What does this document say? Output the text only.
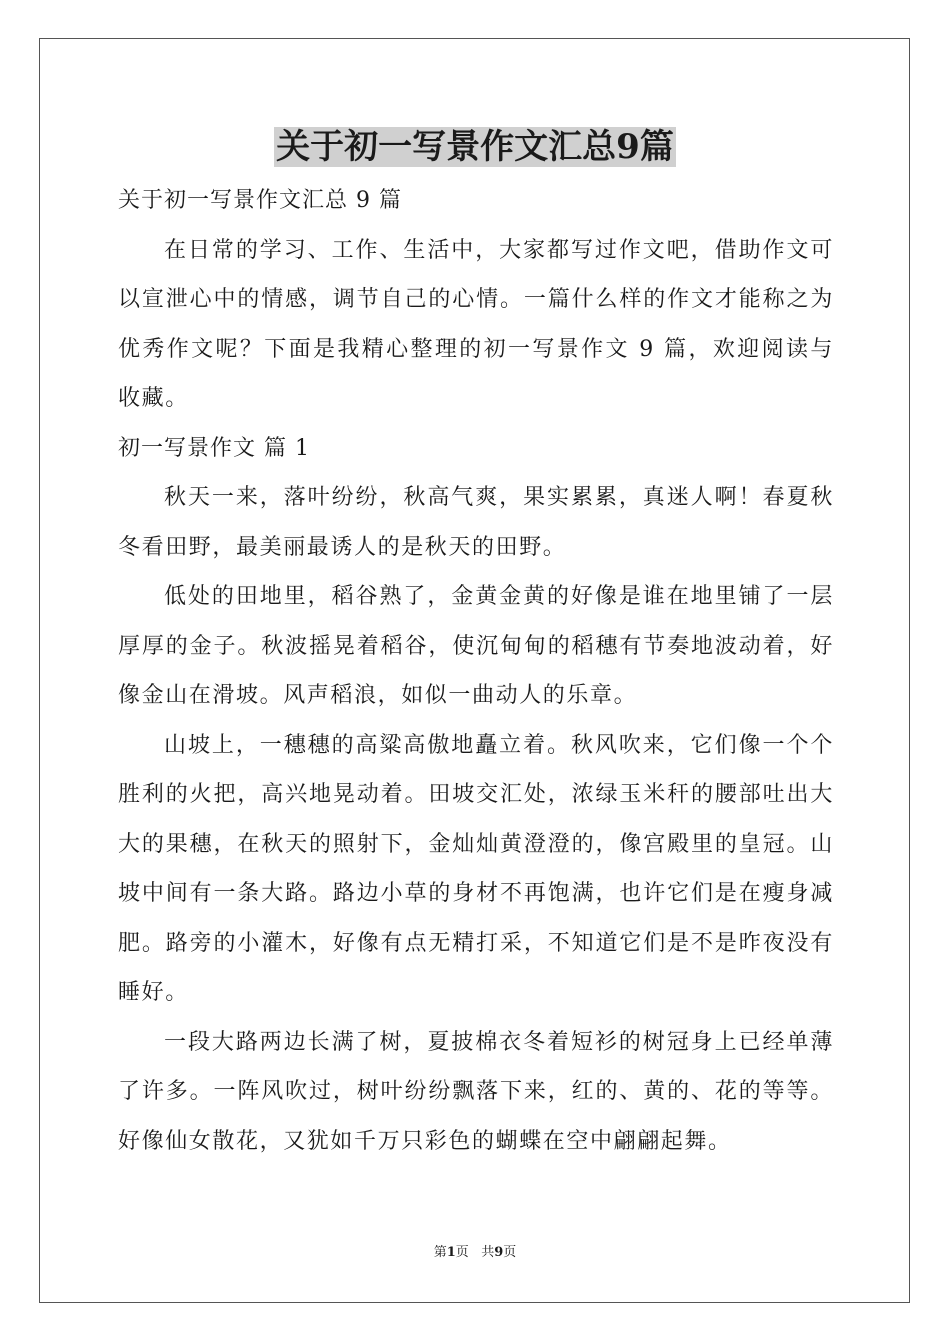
关于初一写景作文汇总9篇

关于初一写景作文汇总 9 篇

在日常的学习、工作、生活中，大家都写过作文吧，借助作文可以宣泄心中的情感，调节自己的心情。一篇什么样的作文才能称之为优秀作文呢？下面是我精心整理的初一写景作文 9 篇，欢迎阅读与收藏。

初一写景作文 篇 1

秋天一来，落叶纷纷，秋高气爽，果实累累，真迷人啊！春夏秋冬看田野，最美丽最诱人的是秋天的田野。

低处的田地里，稻谷熟了，金黄金黄的好像是谁在地里铺了一层厚厚的金子。秋波摇晃着稻谷，使沉甸甸的稻穗有节奏地波动着，好像金山在滑坡。风声稻浪，如似一曲动人的乐章。

山坡上，一穗穗的高粱高傲地矗立着。秋风吹来，它们像一个个胜利的火把，高兴地晃动着。田坡交汇处，浓绿玉米秆的腰部吐出大大的果穗，在秋天的照射下，金灿灿黄澄澄的，像宫殿里的皇冠。山坡中间有一条大路。路边小草的身材不再饱满，也许它们是在瘦身减肥。路旁的小灌木，好像有点无精打采，不知道它们是不是昨夜没有睡好。

一段大路两边长满了树，夏披棉衣冬着短衫的树冠身上已经单薄了许多。一阵风吹过，树叶纷纷飘落下来，红的、黄的、花的等等。好像仙女散花，又犹如千万只彩色的蝴蝶在空中翩翩起舞。

第1页 共9页
